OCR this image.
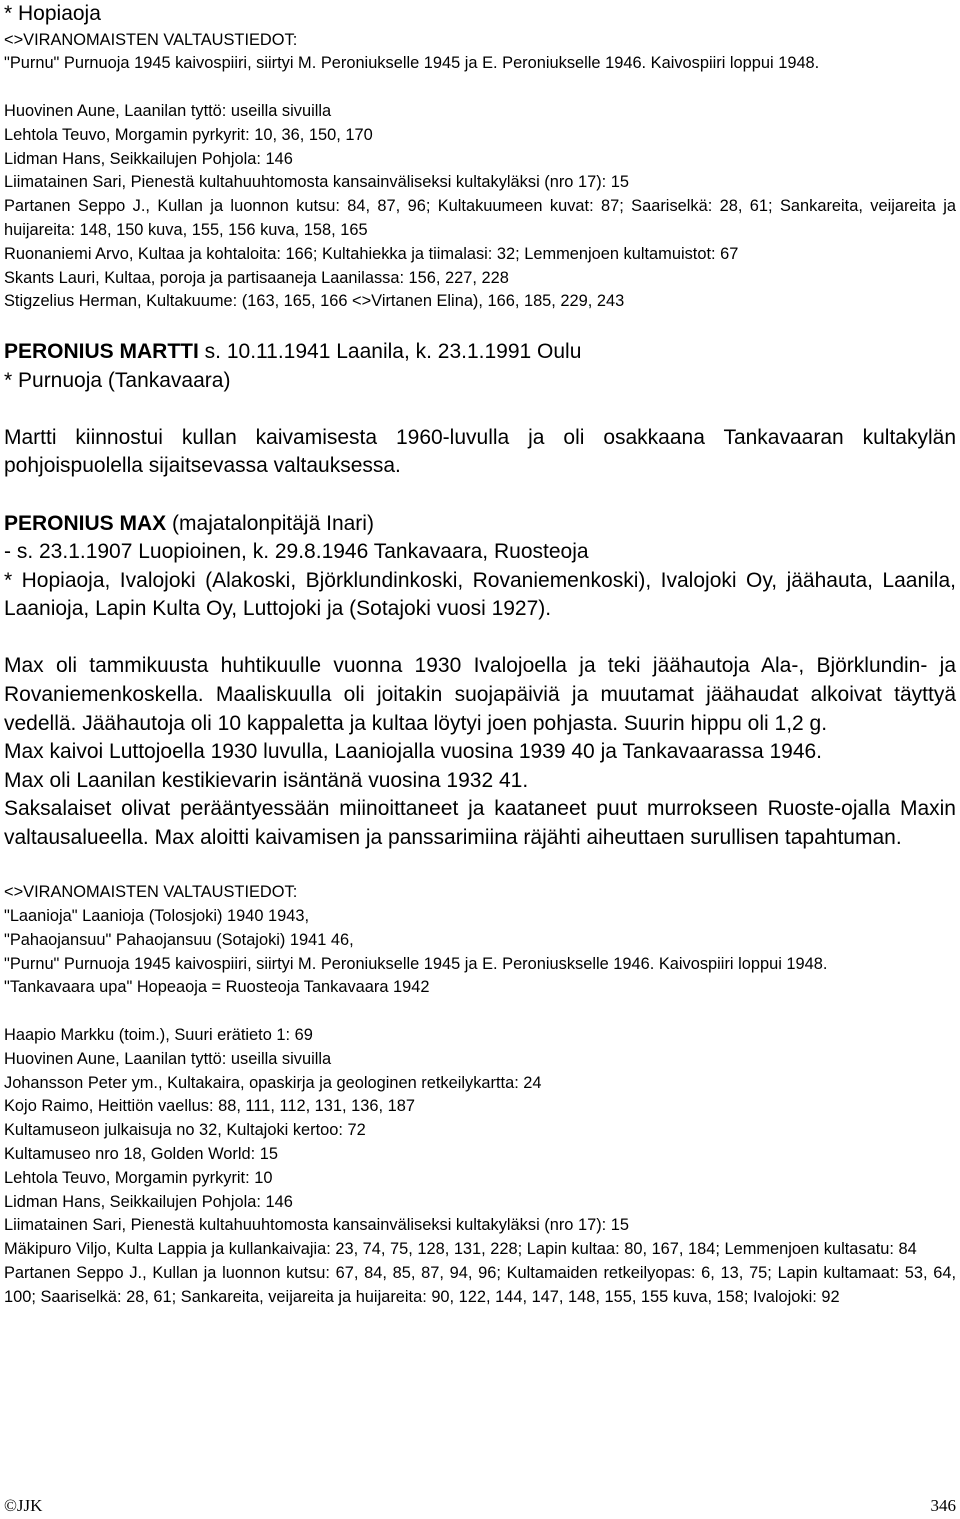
* Hopiaoja

<>VIRANOMAISTEN VALTAUSTIEDOT:

"Purnu" Purnuoja 1945 kaivospiiri, siirtyi M. Peroniukselle 1945 ja E. Peroniukselle 1946. Kaivospiiri loppui 1948.

Huovinen Aune, Laanilan tyttö: useilla sivuilla

Lehtola Teuvo, Morgamin pyrkyrit: 10, 36, 150, 170

Lidman Hans, Seikkailujen Pohjola: 146

Liimatainen Sari, Pienestä kultahuuhtomosta kansainväliseksi kultakyläksi (nro 17): 15

Partanen Seppo J., Kullan ja luonnon kutsu: 84, 87, 96; Kultakuumeen kuvat: 87; Saariselkä: 28, 61; Sankareita, veijareita ja huijareita: 148, 150 kuva, 155, 156 kuva, 158, 165

Ruonaniemi Arvo, Kultaa ja kohtaloita: 166; Kultahiekka ja tiimalasi: 32; Lemmenjoen kultamuistot: 67

Skants Lauri, Kultaa, poroja ja partisaaneja Laanilassa: 156, 227, 228

Stigzelius Herman, Kultakuume: (163, 165, 166 <>Virtanen Elina), 166, 185, 229, 243

PERONIUS MARTTI s. 10.11.1941 Laanila, k. 23.1.1991 Oulu

* Purnuoja (Tankavaara)

Martti kiinnostui kullan kaivamisesta 1960-luvulla ja oli osakkaana Tankavaaran kultakylän pohjoispuolella sijaitsevassa valtauksessa.

PERONIUS MAX (majatalonpitäjä Inari)

- s. 23.1.1907 Luopioinen, k. 29.8.1946 Tankavaara, Ruosteoja

* Hopiaoja, Ivalojoki (Alakoski, Björklundinkoski, Rovaniemenkoski), Ivalojoki Oy, jäähauta, Laanila, Laanioja, Lapin Kulta Oy, Luttojoki ja (Sotajoki vuosi 1927).

Max oli tammikuusta huhtikuulle vuonna 1930 Ivalojoella ja teki jäähautoja Ala-, Björklundin- ja Rovaniemenkoskella. Maaliskuulla oli joitakin suojapäiviä ja muutamat jäähaudat alkoivat täyttyä vedellä. Jäähautoja oli 10 kappaletta ja kultaa löytyi joen pohjasta. Suurin hippu oli 1,2 g.

Max kaivoi Luttojoella 1930 luvulla, Laaniojalla vuosina 1939 40 ja Tankavaarassa 1946.

Max oli Laanilan kestikievarin isäntänä vuosina 1932 41.

Saksalaiset olivat perääntyessään miinoittaneet ja kaataneet puut murrokseen Ruoste-ojalla Maxin valtausalueella. Max aloitti kaivamisen ja panssarimiina räjähti aiheuttaen surullisen tapahtuman.

<>VIRANOMAISTEN VALTAUSTIEDOT:

"Laanioja" Laanioja (Tolosjoki) 1940 1943,

"Pahaojansuu" Pahaojansuu (Sotajoki) 1941 46,

"Purnu" Purnuoja 1945 kaivospiiri, siirtyi M. Peroniukselle 1945 ja E. Peroniuskselle 1946. Kaivospiiri loppui 1948.

"Tankavaara upa" Hopeaoja = Ruosteoja Tankavaara 1942

Haapio Markku (toim.), Suuri erätieto 1: 69

Huovinen Aune, Laanilan tyttö: useilla sivuilla

Johansson Peter ym., Kultakaira, opaskirja ja geologinen retkeilykartta: 24

Kojo Raimo, Heittiön vaellus: 88, 111, 112, 131, 136, 187

Kultamuseon julkaisuja no 32, Kultajoki kertoo: 72

Kultamuseo nro 18, Golden World: 15

Lehtola Teuvo, Morgamin pyrkyrit: 10

Lidman Hans, Seikkailujen Pohjola: 146

Liimatainen Sari, Pienestä kultahuuhtomosta kansainväliseksi kultakyläksi (nro 17): 15

Mäkipuro Viljo, Kulta Lappia ja kullankaivajia: 23, 74, 75, 128, 131, 228; Lapin kultaa: 80, 167, 184; Lemmenjoen kultasatu: 84

Partanen Seppo J., Kullan ja luonnon kutsu: 67, 84, 85, 87, 94, 96; Kultamaiden retkeilyopas: 6, 13, 75; Lapin kultamaat: 53, 64, 100; Saariselkä: 28, 61; Sankareita, veijareita ja huijareita: 90, 122, 144, 147, 148, 155, 155 kuva, 158; Ivalojoki: 92

©JJK	346
